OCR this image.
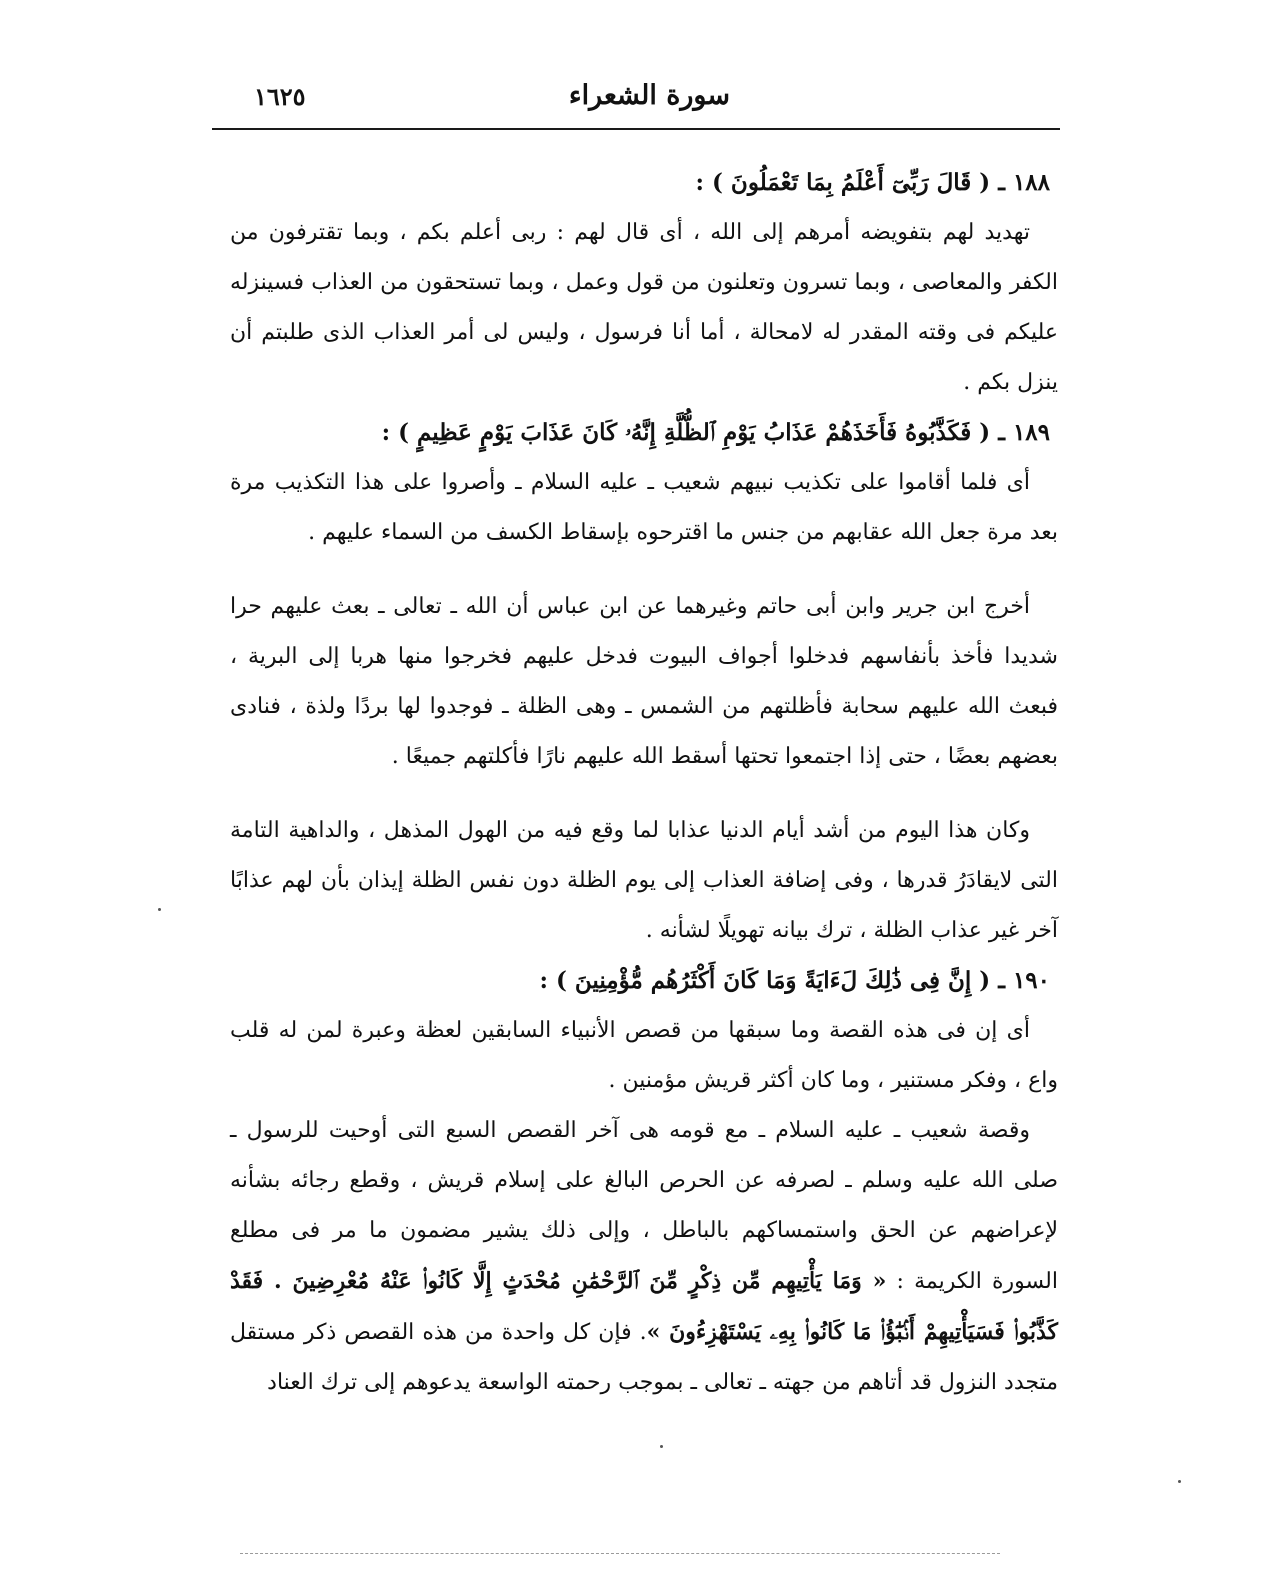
سورة الشعراء
١٦٢٥

١٨٨ ـ ( قَالَ رَبِّىٓ أَعْلَمُ بِمَا تَعْمَلُونَ ) :

تهديد لهم بتفويضه أمرهم إلى الله ، أى قال لهم : ربى أعلم بكم ، وبما تقترفون من الكفر والمعاصى ، وبما تسرون وتعلنون من قول وعمل ، وبما تستحقون من العذاب فسينزله عليكم فى وقته المقدر له لامحالة ، أما أنا فرسول ، وليس لى أمر العذاب الذى طلبتم أن ينزل بكم .

١٨٩ ـ ( فَكَذَّبُوهُ فَأَخَذَهُمْ عَذَابُ يَوْمِ ٱلظُّلَّةِ إِنَّهُۥ كَانَ عَذَابَ يَوْمٍ عَظِيمٍ ) :

أى فلما أقاموا على تكذيب نبيهم شعيب ـ عليه السلام ـ وأصروا على هذا التكذيب مرة بعد مرة جعل الله عقابهم من جنس ما اقترحوه بإسقاط الكسف من السماء عليهم .

أخرج ابن جرير وابن أبى حاتم وغيرهما عن ابن عباس أن الله ـ تعالى ـ بعث عليهم حرا شديدا فأخذ بأنفاسهم فدخلوا أجواف البيوت فدخل عليهم فخرجوا منها هربا إلى البرية ، فبعث الله عليهم سحابة فأظلتهم من الشمس ـ وهى الظلة ـ فوجدوا لها بردًا ولذة ، فنادى بعضهم بعضًا ، حتى إذا اجتمعوا تحتها أسقط الله عليهم نارًا فأكلتهم جميعًا .

وكان هذا اليوم من أشد أيام الدنيا عذابا لما وقع فيه من الهول المذهل ، والداهية التامة التى لايقادَرُ قدرها ، وفى إضافة العذاب إلى يوم الظلة دون نفس الظلة إيذان بأن لهم عذابًا آخر غير عذاب الظلة ، ترك بيانه تهويلًا لشأنه .

١٩٠ ـ ( إِنَّ فِى ذَٰلِكَ لَءَايَةً وَمَا كَانَ أَكْثَرُهُم مُّؤْمِنِينَ ) :

أى إن فى هذه القصة وما سبقها من قصص الأنبياء السابقين لعظة وعبرة لمن له قلب واع ، وفكر مستنير ، وما كان أكثر قريش مؤمنين .

وقصة شعيب ـ عليه السلام ـ مع قومه هى آخر القصص السبع التى أوحيت للرسول ـ صلى الله عليه وسلم ـ لصرفه عن الحرص البالغ على إسلام قريش ، وقطع رجائه بشأنه لإعراضهم عن الحق واستمساكهم بالباطل ، وإلى ذلك يشير مضمون ما مر فى مطلع السورة الكريمة : « وَمَا يَأْتِيهِم مِّن ذِكْرٍ مِّنَ ٱلرَّحْمَٰنِ مُحْدَثٍ إِلَّا كَانُوا۟ عَنْهُ مُعْرِضِينَ . فَقَدْ كَذَّبُوا۟ فَسَيَأْتِيهِمْ أَنۢبَٰٓؤُا۟ مَا كَانُوا۟ بِهِۦ يَسْتَهْزِءُونَ ». فإن كل واحدة من هذه القصص ذكر مستقل متجدد النزول قد أتاهم من جهته ـ تعالى ـ بموجب رحمته الواسعة يدعوهم إلى ترك العناد
